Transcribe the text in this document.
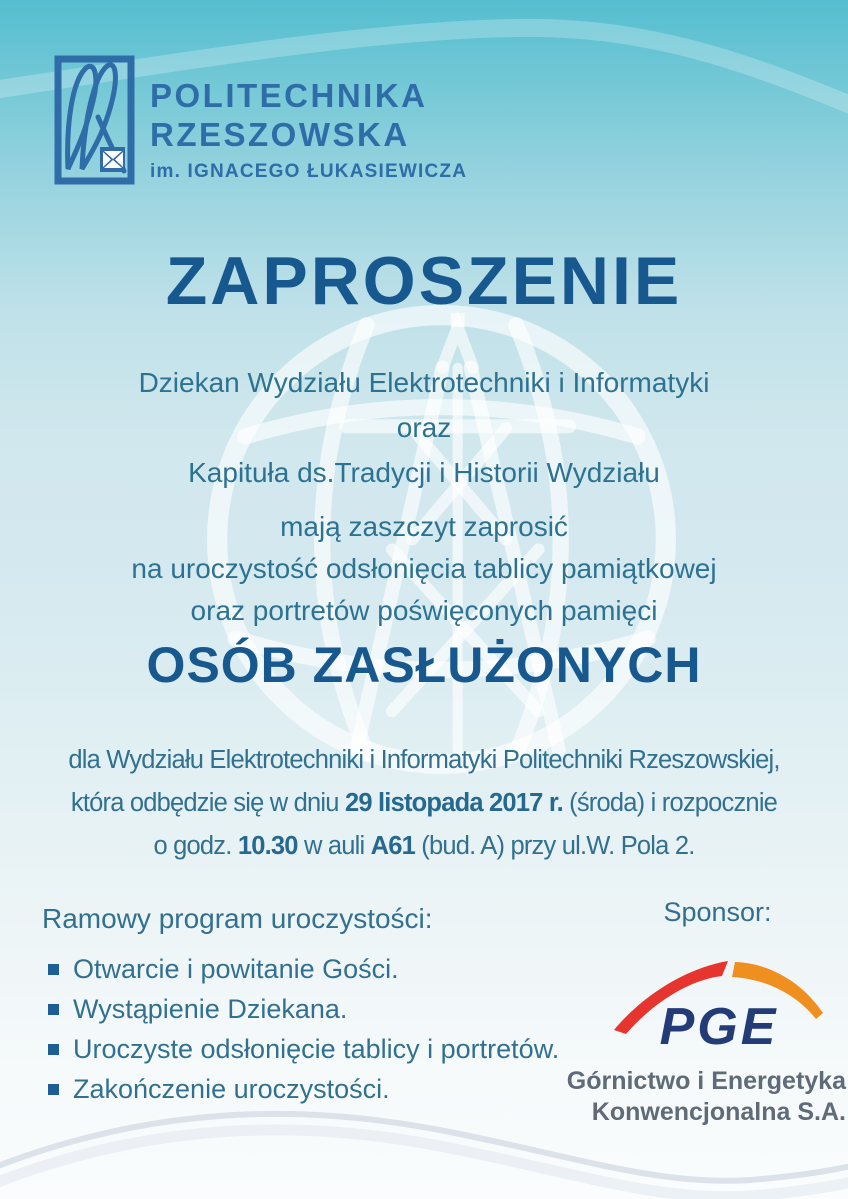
POLITECHNIKA
RZESZOWSKA
im. IGNACEGO ŁUKASIEWICZA
ZAPROSZENIE
Dziekan Wydziału Elektrotechniki i Informatyki
oraz
Kapituła ds.Tradycji i Historii Wydziału
mają zaszczyt zaprosić
na uroczystość odsłonięcia tablicy pamiątkowej
oraz portretów poświęconych pamięci
OSÓB ZASŁUŻONYCH
dla Wydziału Elektrotechniki i Informatyki Politechniki Rzeszowskiej,
która odbędzie się w dniu 29 listopada 2017 r. (środa) i rozpocznie
o godz. 10.30 w auli A61 (bud. A) przy ul.W. Pola 2.
Ramowy program uroczystości:
Otwarcie i powitanie Gości.
Wystąpienie Dziekana.
Uroczyste odsłonięcie tablicy i portretów.
Zakończenie uroczystości.
Sponsor:
PGE
Górnictwo i Energetyka
Konwencjonalna S.A.
